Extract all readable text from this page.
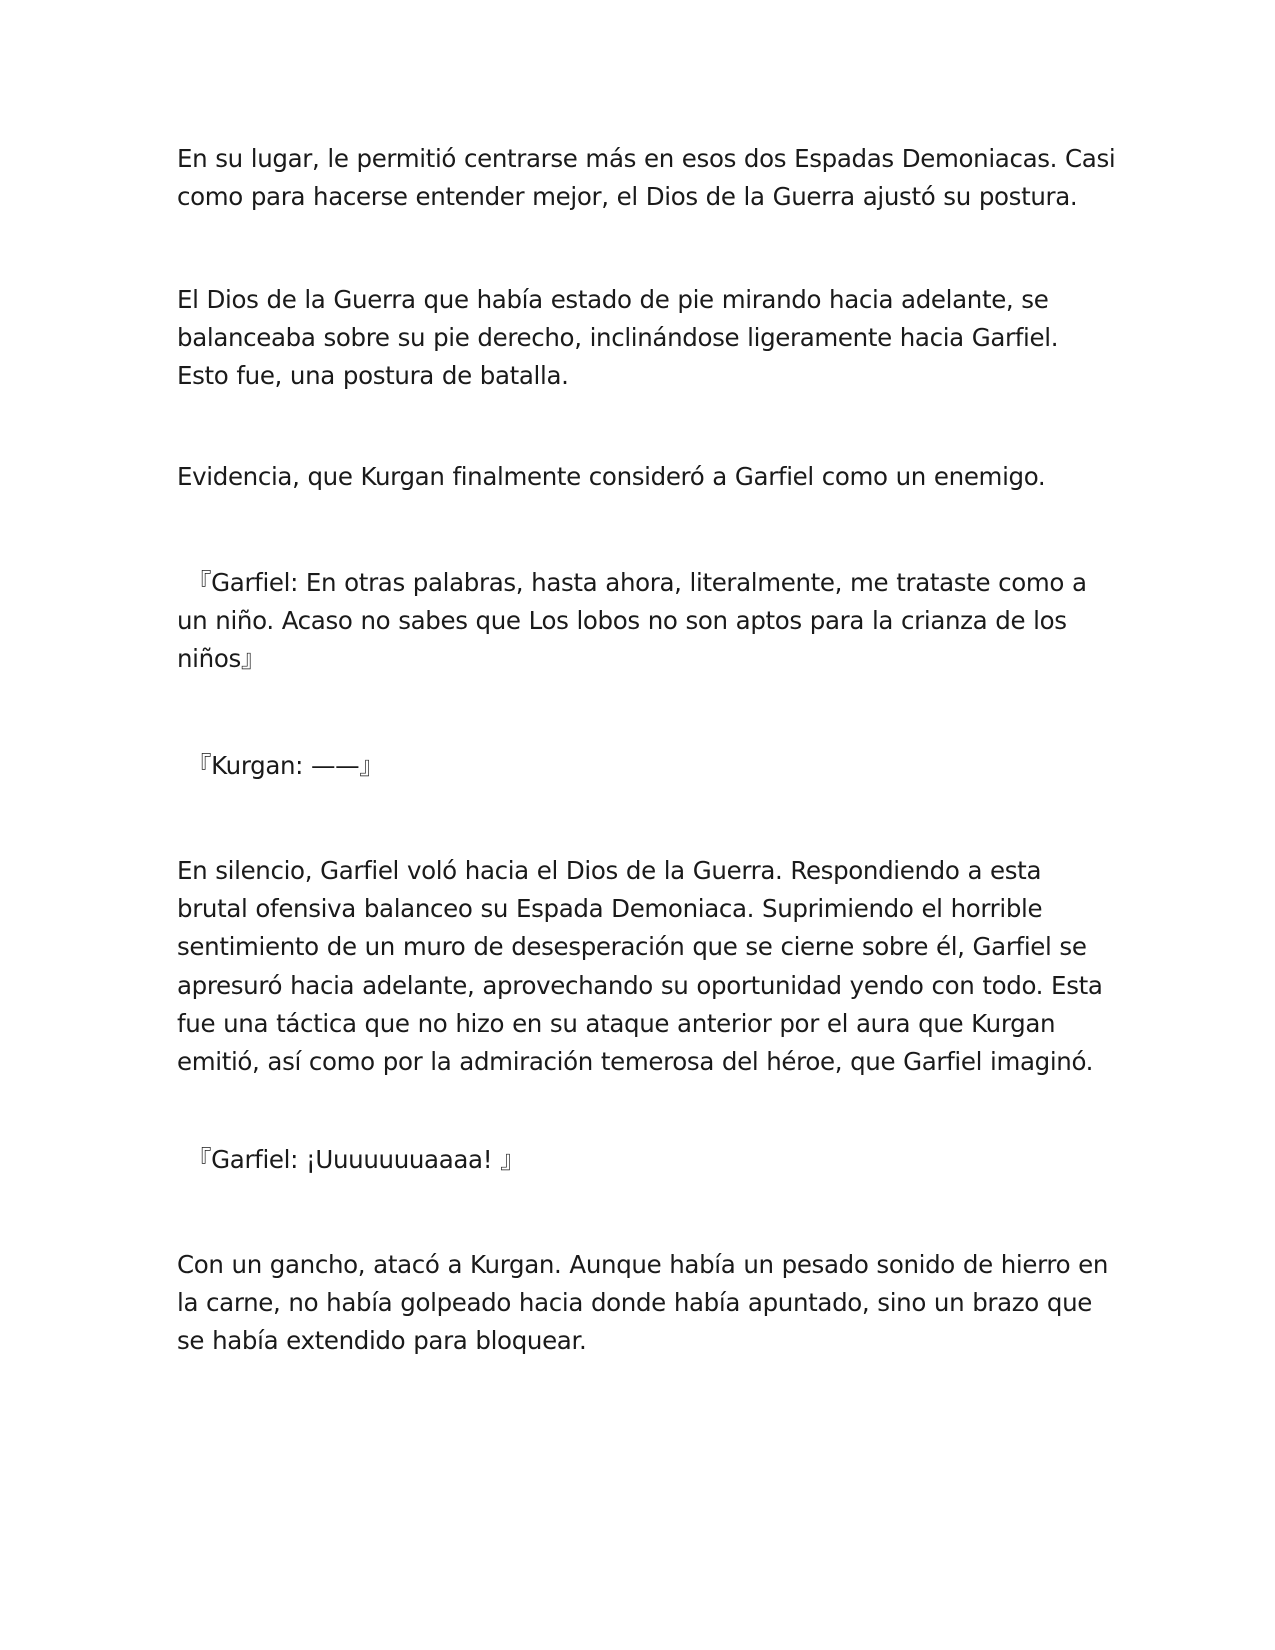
En su lugar, le permitió centrarse más en esos dos Espadas Demoniacas. Casi
como para hacerse entender mejor, el Dios de la Guerra ajustó su postura.

El Dios de la Guerra que había estado de pie mirando hacia adelante, se
balanceaba sobre su pie derecho, inclinándose ligeramente hacia Garfiel.
Esto fue, una postura de batalla.

Evidencia, que Kurgan finalmente consideró a Garfiel como un enemigo.

『Garfiel: En otras palabras, hasta ahora, literalmente, me trataste como a
un niño. Acaso no sabes que Los lobos no son aptos para la crianza de los
niños』

『Kurgan: ——』

En silencio, Garfiel voló hacia el Dios de la Guerra. Respondiendo a esta
brutal ofensiva balanceo su Espada Demoniaca. Suprimiendo el horrible
sentimiento de un muro de desesperación que se cierne sobre él, Garfiel se
apresuró hacia adelante, aprovechando su oportunidad yendo con todo. Esta
fue una táctica que no hizo en su ataque anterior por el aura que Kurgan
emitió, así como por la admiración temerosa del héroe, que Garfiel imaginó.

『Garfiel: ¡Uuuuuuuaaaa! 』

Con un gancho, atacó a Kurgan. Aunque había un pesado sonido de hierro en
la carne, no había golpeado hacia donde había apuntado, sino un brazo que
se había extendido para bloquear.
